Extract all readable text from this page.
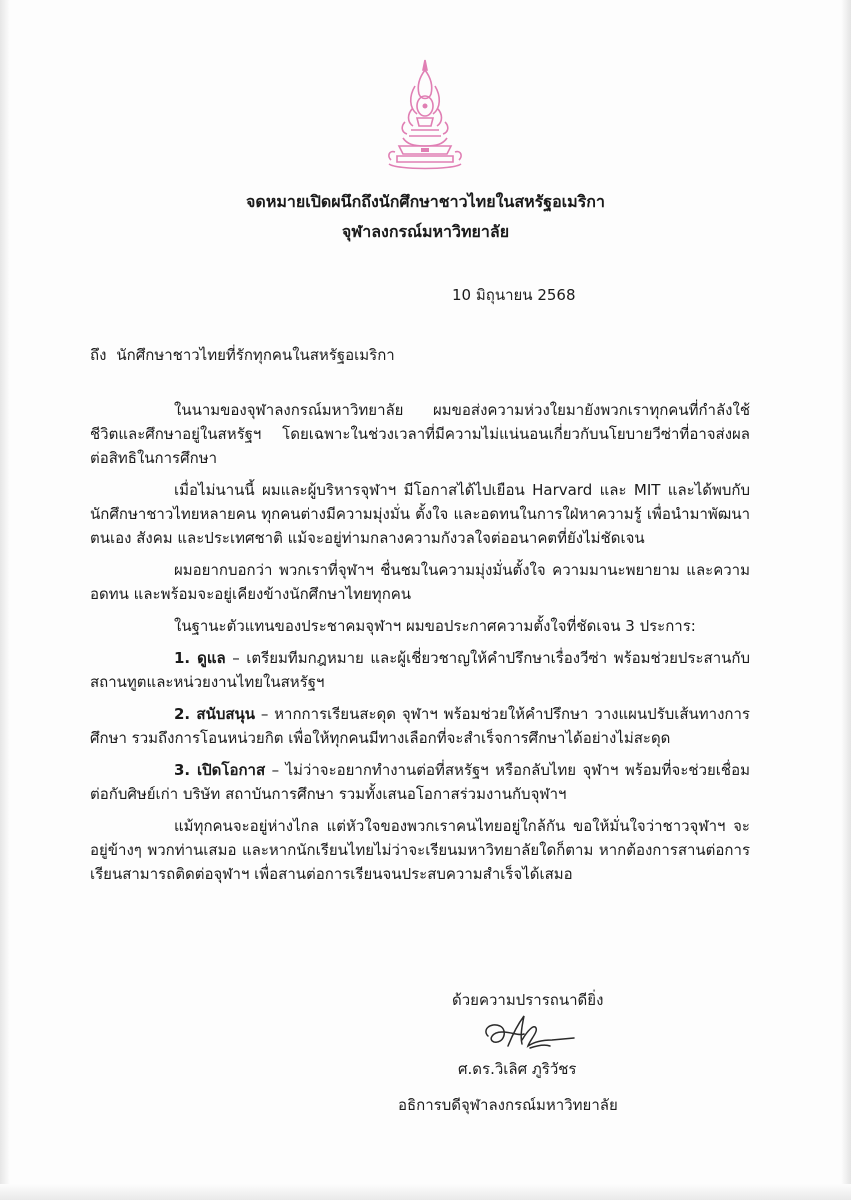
จดหมายเปิดผนึกถึงนักศึกษาชาวไทยในสหรัฐอเมริกา
จุฬาลงกรณ์มหาวิทยาลัย
10 มิถุนายน 2568
ถึง นักศึกษาชาวไทยที่รักทุกคนในสหรัฐอเมริกา

ในนามของจุฬาลงกรณ์มหาวิทยาลัย ผมขอส่งความห่วงใยมายังพวกเราทุกคนที่กำลังใช้ชีวิตและศึกษาอยู่ในสหรัฐฯ โดยเฉพาะในช่วงเวลาที่มีความไม่แน่นอนเกี่ยวกับนโยบายวีซ่าที่อาจส่งผลต่อสิทธิในการศึกษา

เมื่อไม่นานนี้ ผมและผู้บริหารจุฬาฯ มีโอกาสได้ไปเยือน Harvard และ MIT และได้พบกับนักศึกษาชาวไทยหลายคน ทุกคนต่างมีความมุ่งมั่น ตั้งใจ และอดทนในการใฝ่หาความรู้ เพื่อนำมาพัฒนาตนเอง สังคม และประเทศชาติ แม้จะอยู่ท่ามกลางความกังวลใจต่ออนาคตที่ยังไม่ชัดเจน

ผมอยากบอกว่า พวกเราที่จุฬาฯ ชื่นชมในความมุ่งมั่นตั้งใจ ความมานะพยายาม และความอดทน และพร้อมจะอยู่เคียงข้างนักศึกษาไทยทุกคน

ในฐานะตัวแทนของประชาคมจุฬาฯ ผมขอประกาศความตั้งใจที่ชัดเจน 3 ประการ:

1. ดูแล – เตรียมทีมกฎหมาย และผู้เชี่ยวชาญให้คำปรึกษาเรื่องวีซ่า พร้อมช่วยประสานกับสถานทูตและหน่วยงานไทยในสหรัฐฯ

2. สนับสนุน – หากการเรียนสะดุด จุฬาฯ พร้อมช่วยให้คำปรึกษา วางแผนปรับเส้นทางการศึกษา รวมถึงการโอนหน่วยกิต เพื่อให้ทุกคนมีทางเลือกที่จะสำเร็จการศึกษาได้อย่างไม่สะดุด

3. เปิดโอกาส – ไม่ว่าจะอยากทำงานต่อที่สหรัฐฯ หรือกลับไทย จุฬาฯ พร้อมที่จะช่วยเชื่อมต่อกับศิษย์เก่า บริษัท สถาบันการศึกษา รวมทั้งเสนอโอกาสร่วมงานกับจุฬาฯ

แม้ทุกคนจะอยู่ห่างไกล แต่หัวใจของพวกเราคนไทยอยู่ใกล้กัน ขอให้มั่นใจว่าชาวจุฬาฯ จะอยู่ข้างๆ พวกท่านเสมอ และหากนักเรียนไทยไม่ว่าจะเรียนมหาวิทยาลัยใดก็ตาม หากต้องการสานต่อการเรียนสามารถติดต่อจุฬาฯ เพื่อสานต่อการเรียนจนประสบความสำเร็จได้เสมอ

ด้วยความปรารถนาดียิ่ง
ศ.ดร.วิเลิศ ภูริวัชร
อธิการบดีจุฬาลงกรณ์มหาวิทยาลัย
